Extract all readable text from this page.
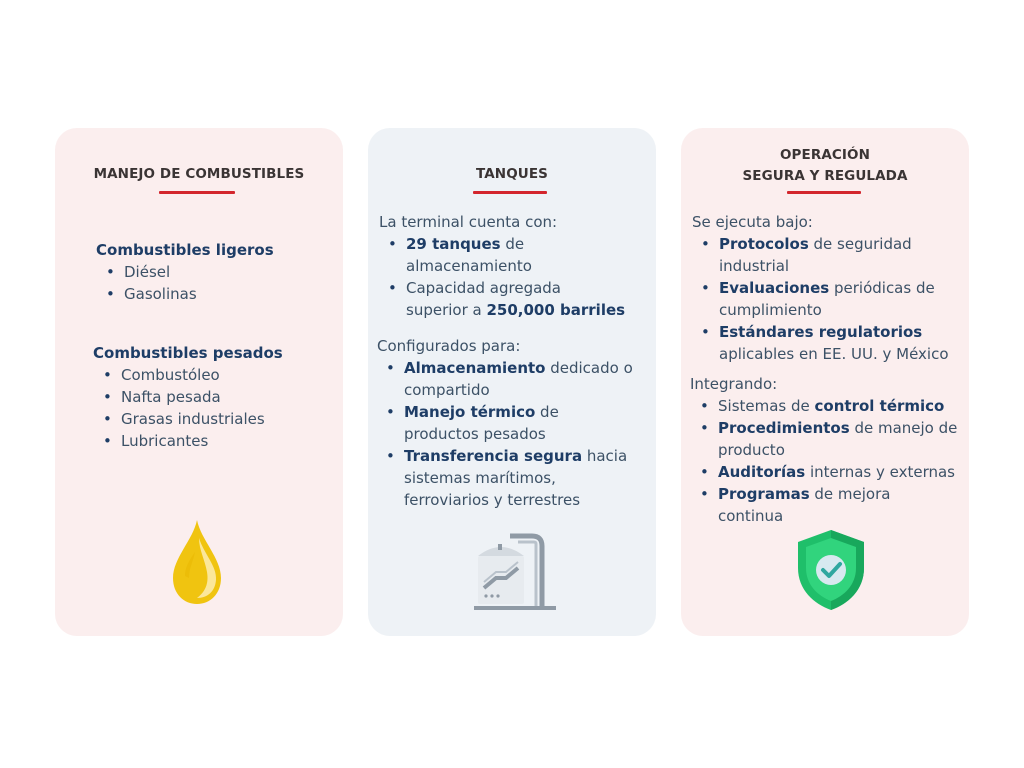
MANEJO DE COMBUSTIBLES
Combustibles ligeros
• Diésel
• Gasolinas
Combustibles pesados
• Combustóleo
• Nafta pesada
• Grasas industriales
• Lubricantes
TANQUES
La terminal cuenta con:
• 29 tanques de
almacenamiento
• Capacidad agregada
superior a 250,000 barriles
Configurados para:
• Almacenamiento dedicado o
compartido
• Manejo térmico de
productos pesados
• Transferencia segura hacia
sistemas marítimos,
ferroviarios y terrestres
OPERACIÓN
SEGURA Y REGULADA
Se ejecuta bajo:
• Protocolos de seguridad
industrial
• Evaluaciones periódicas de
cumplimiento
• Estándares regulatorios
aplicables en EE. UU. y México
Integrando:
• Sistemas de control térmico
• Procedimientos de manejo de
producto
• Auditorías internas y externas
• Programas de mejora
continua
